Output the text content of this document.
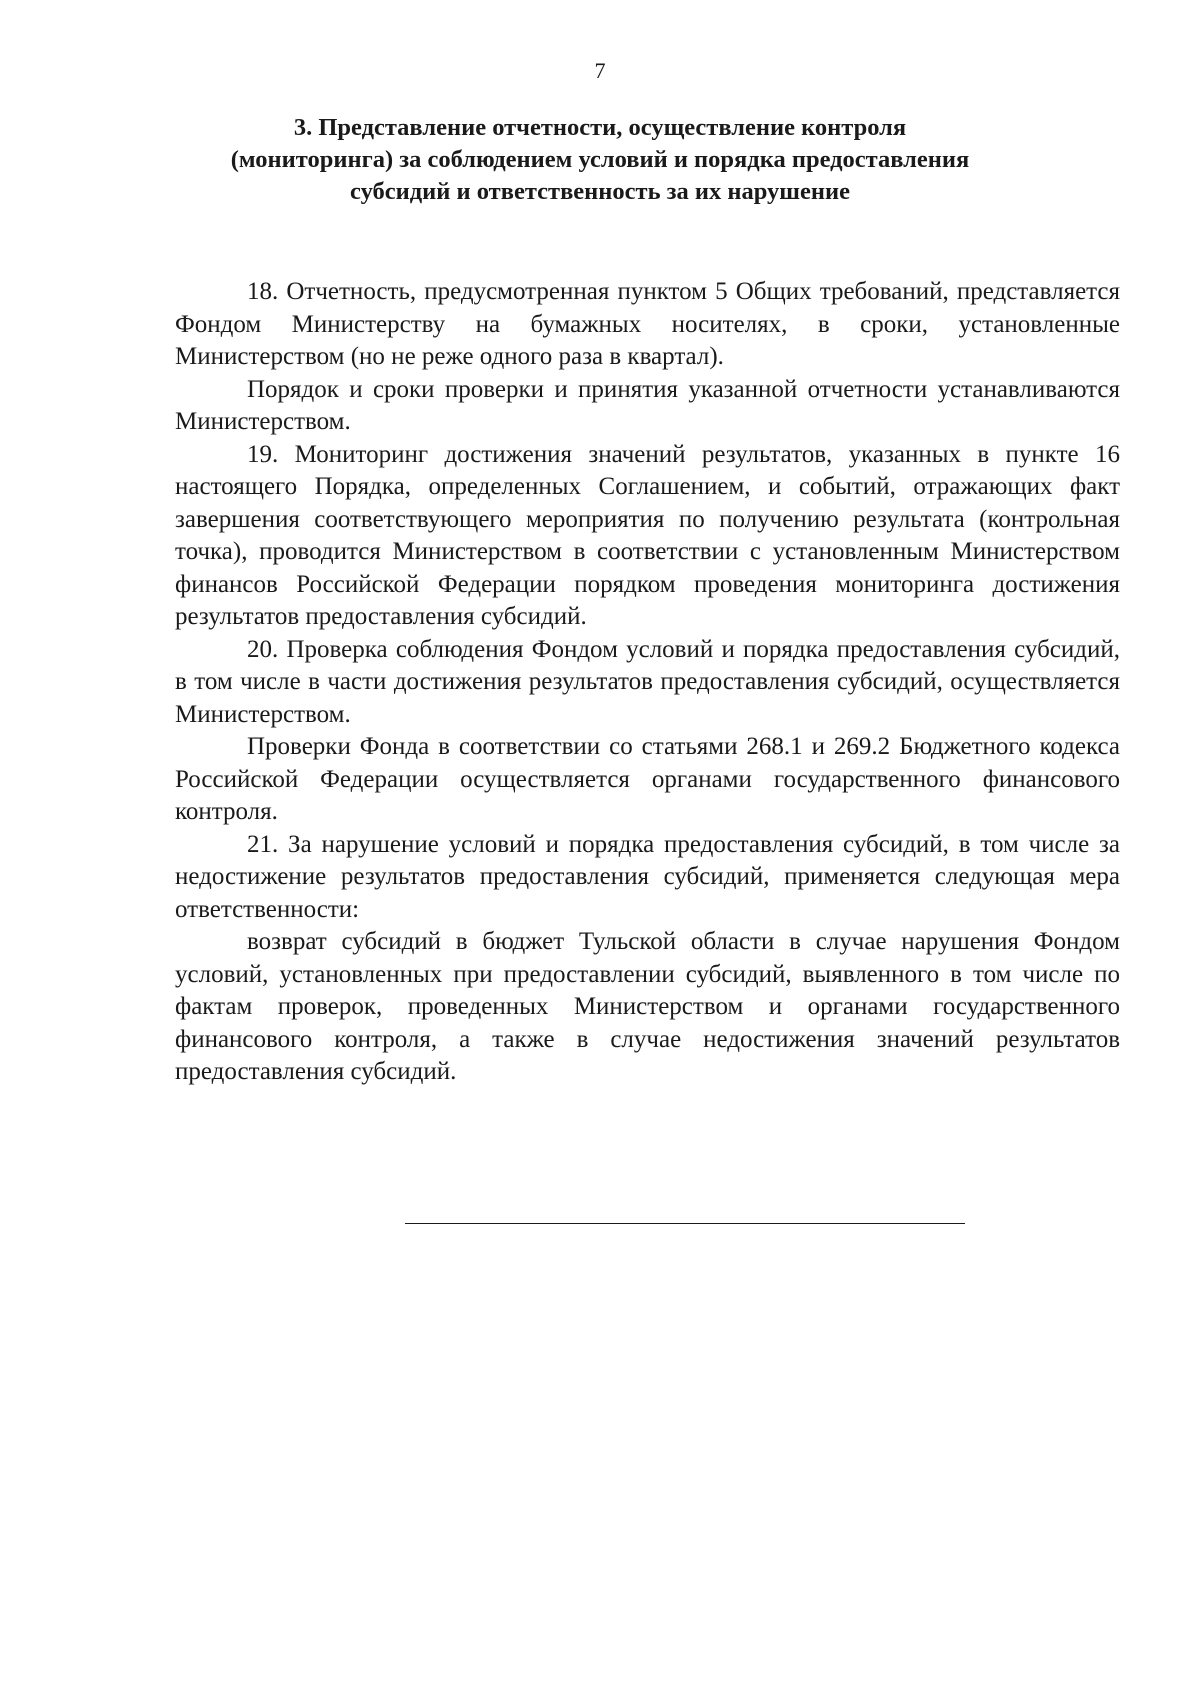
7
3. Представление отчетности, осуществление контроля
(мониторинга) за соблюдением условий и порядка предоставления
субсидий и ответственность за их нарушение

18. Отчетность, предусмотренная пунктом 5 Общих требований, представляется Фондом Министерству на бумажных носителях, в сроки, установленные Министерством (но не реже одного раза в квартал).

Порядок и сроки проверки и принятия указанной отчетности устанавливаются Министерством.

19. Мониторинг достижения значений результатов, указанных в пункте 16 настоящего Порядка, определенных Соглашением, и событий, отражающих факт завершения соответствующего мероприятия по получению результата (контрольная точка), проводится Министерством в соответствии с установленным Министерством финансов Российской Федерации порядком проведения мониторинга достижения результатов предоставления субсидий.

20. Проверка соблюдения Фондом условий и порядка предоставления субсидий, в том числе в части достижения результатов предоставления субсидий, осуществляется Министерством.

Проверки Фонда в соответствии со статьями 268.1 и 269.2 Бюджетного кодекса Российской Федерации осуществляется органами государственного финансового контроля.

21. За нарушение условий и порядка предоставления субсидий, в том числе за недостижение результатов предоставления субсидий, применяется следующая мера ответственности:

возврат субсидий в бюджет Тульской области в случае нарушения Фондом условий, установленных при предоставлении субсидий, выявленного в том числе по фактам проверок, проведенных Министерством и органами государственного финансового контроля, а также в случае недостижения значений результатов предоставления субсидий.
